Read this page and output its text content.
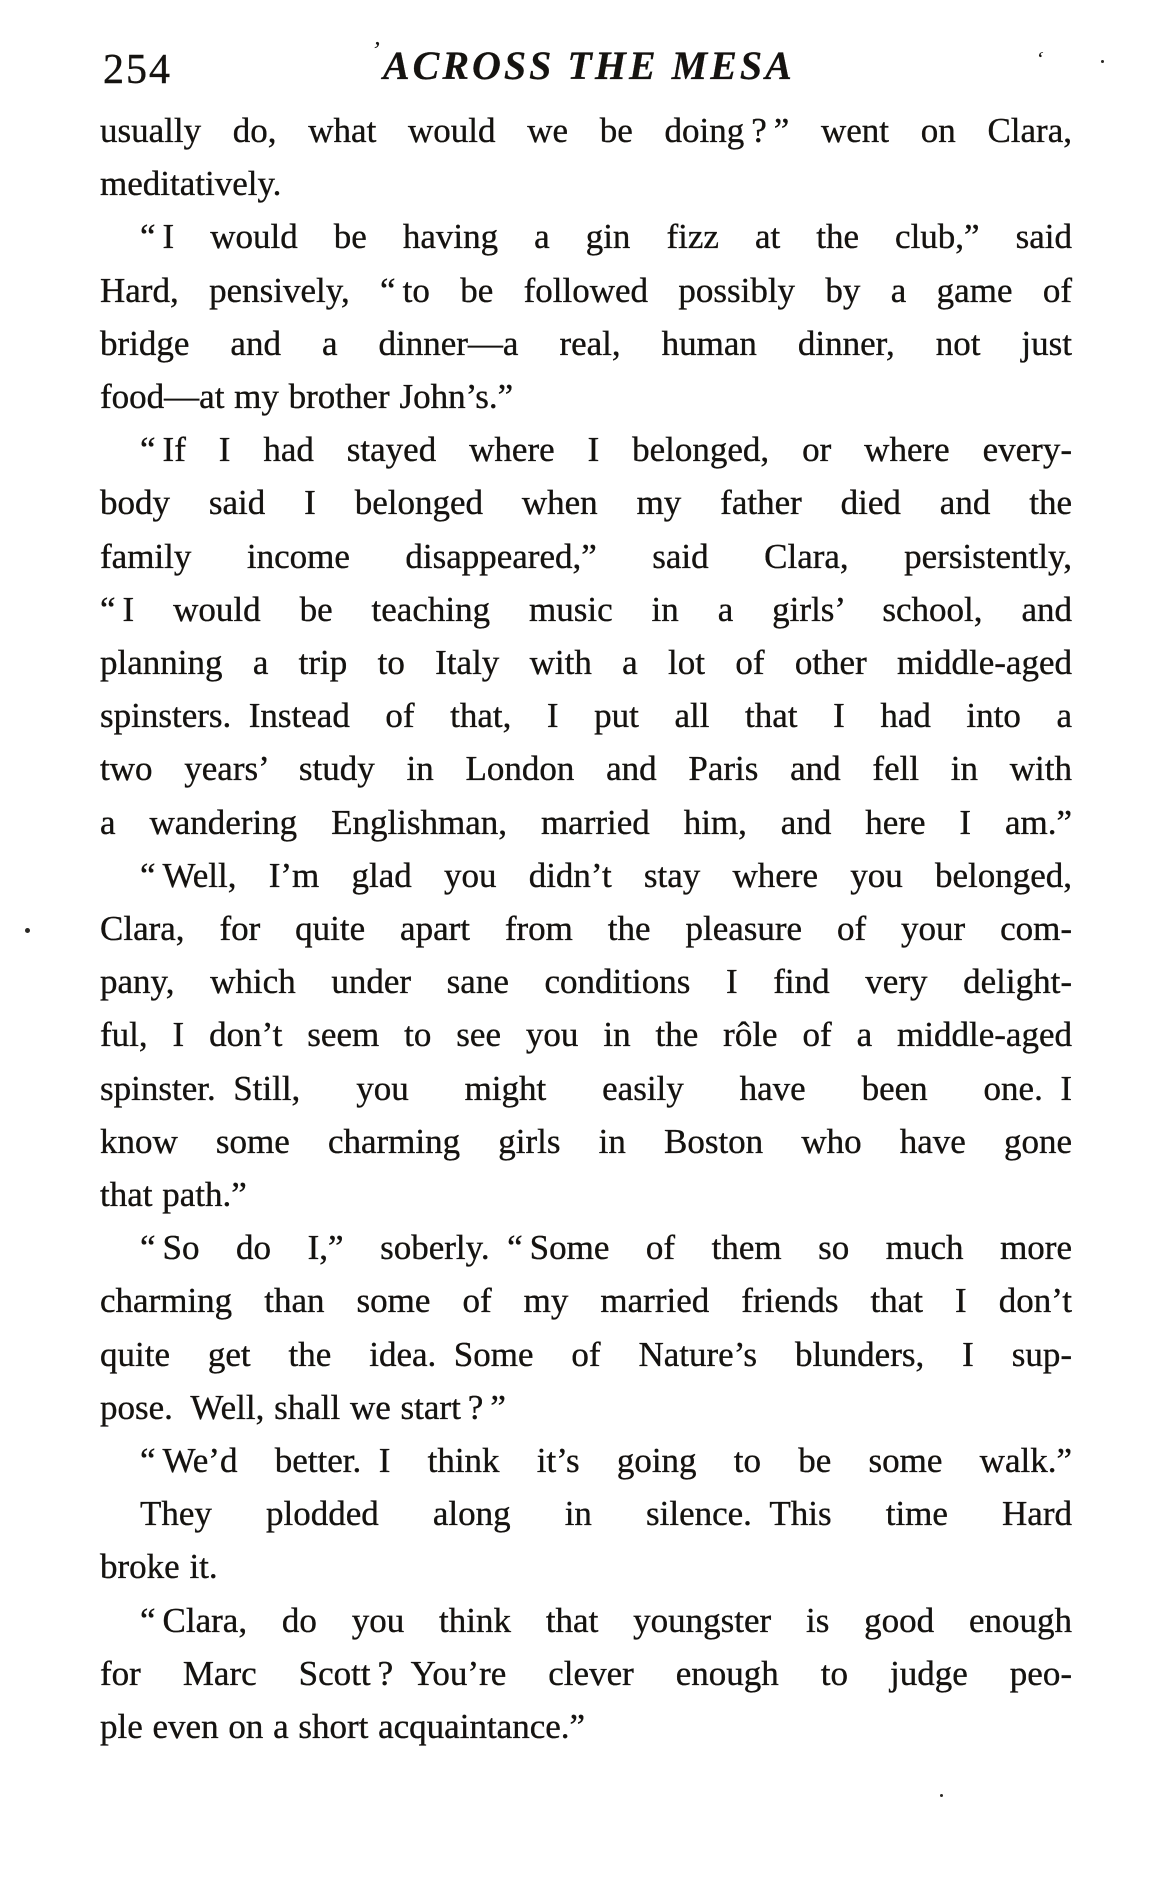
254	’ ACROSS THE MESA	‘
usually do, what would we be doing ? ” went on Clara,
meditatively.
“ I would be having a gin fizz at the club,” said
Hard, pensively, “ to be followed possibly by a game of
bridge and a dinner—a real, human dinner, not just
food—at my brother John’s.”
“ If I had stayed where I belonged, or where every-
body said I belonged when my father died and the
family income disappeared,” said Clara, persistently,
“ I would be teaching music in a girls’ school, and
planning a trip to Italy with a lot of other middle-aged
spinsters. Instead of that, I put all that I had into a
two years’ study in London and Paris and fell in with
a wandering Englishman, married him, and here I am.”
“ Well, I’m glad you didn’t stay where you belonged,
Clara, for quite apart from the pleasure of your com-
pany, which under sane conditions I find very delight-
ful, I don’t seem to see you in the rôle of a middle-aged
spinster. Still, you might easily have been one. I
know some charming girls in Boston who have gone
that path.”
“ So do I,” soberly. “ Some of them so much more
charming than some of my married friends that I don’t
quite get the idea. Some of Nature’s blunders, I sup-
pose. Well, shall we start ? ”
“ We’d better. I think it’s going to be some walk.”
They plodded along in silence. This time Hard
broke it.
“ Clara, do you think that youngster is good enough
for Marc Scott ? You’re clever enough to judge peo-
ple even on a short acquaintance.”
